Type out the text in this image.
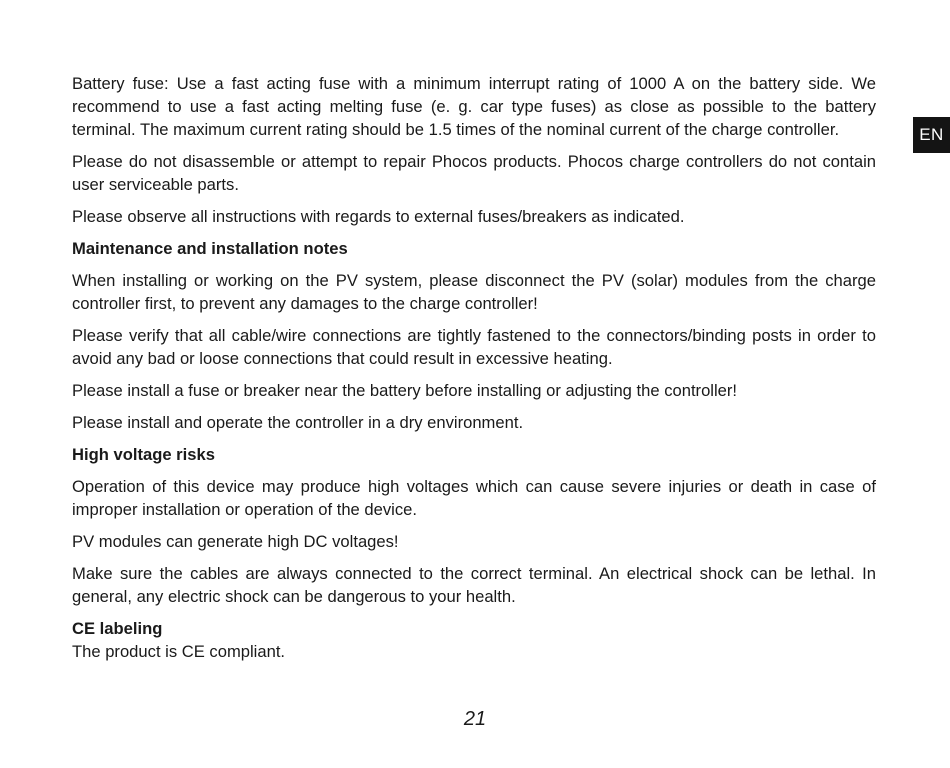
Battery fuse: Use a fast acting fuse with a minimum interrupt rating of 1000 A on the battery side. We recommend to use a fast acting melting fuse (e. g. car type fuses) as close as possible to the battery terminal. The maximum current rating should be 1.5 times of the nominal current of the charge controller.

Please do not disassemble or attempt to repair Phocos products. Phocos charge controllers do not contain user serviceable parts.

Please observe all instructions with regards to external fuses/breakers as indicated.

Maintenance and installation notes

When installing or working on the PV system, please disconnect the PV (solar) modules from the charge controller first, to prevent any damages to the charge controller!

Please verify that all cable/wire connections are tightly fastened to the connectors/binding posts in order to avoid any bad or loose connections that could result in excessive heating.

Please install a fuse or breaker near the battery before installing or adjusting the controller!

Please install and operate the controller in a dry environment.

High voltage risks

Operation of this device may produce high voltages which can cause severe injuries or death in case of improper installation or operation of the device.

PV modules can generate high DC voltages!

Make sure the cables are always connected to the correct terminal. An electrical shock can be lethal. In general, any electric shock can be dangerous to your health.

CE labeling

The product is CE compliant.

EN
21
